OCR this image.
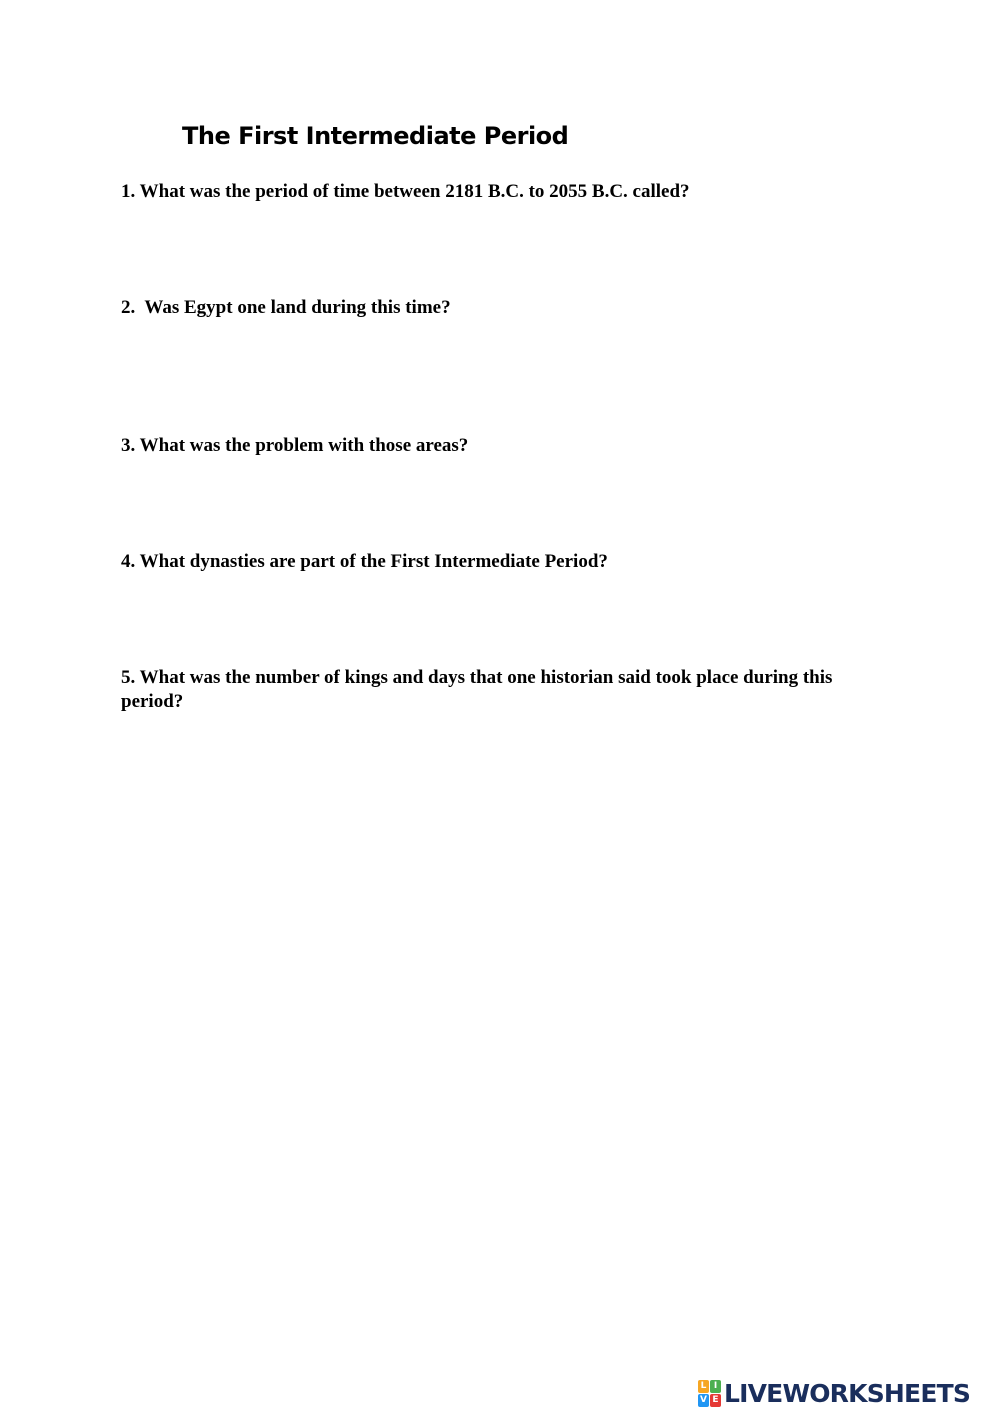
The First Intermediate Period

1. What was the period of time between 2181 B.C. to 2055 B.C. called?

2.  Was Egypt one land during this time?

3. What was the problem with those areas?

4. What dynasties are part of the First Intermediate Period?

5. What was the number of kings and days that one historian said took place during this period?

L I
V E LIVEWORKSHEETS
